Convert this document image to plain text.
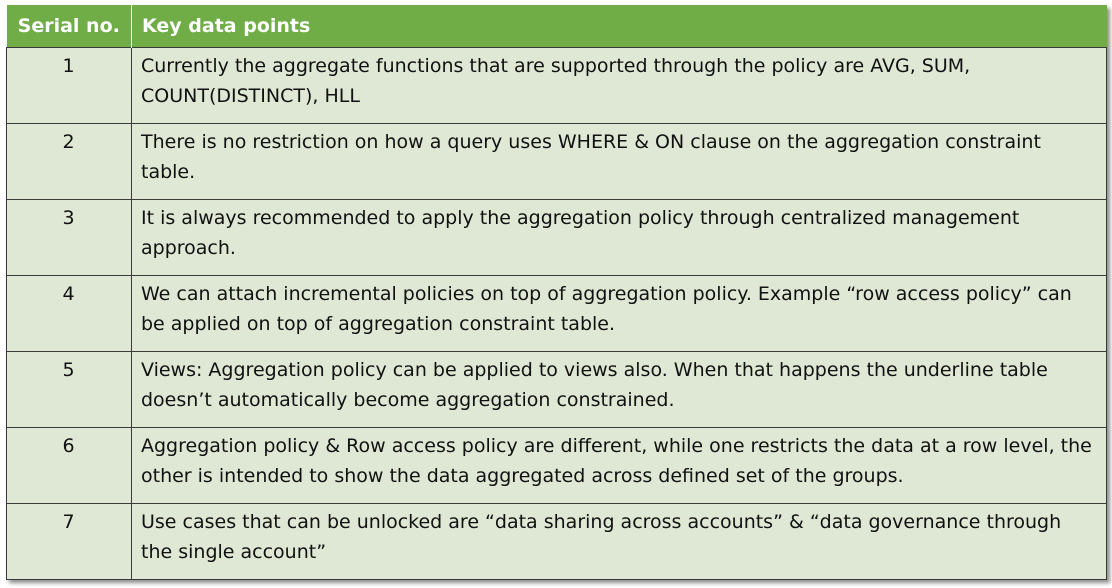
Serial no.	Key data points
1	Currently the aggregate functions that are supported through the policy are AVG, SUM, COUNT(DISTINCT), HLL
2	There is no restriction on how a query uses WHERE & ON clause on the aggregation constraint table.
3	It is always recommended to apply the aggregation policy through centralized management approach.
4	We can attach incremental policies on top of aggregation policy. Example “row access policy” can be applied on top of aggregation constraint table.
5	Views: Aggregation policy can be applied to views also. When that happens the underline table doesn’t automatically become aggregation constrained.
6	Aggregation policy & Row access policy are different, while one restricts the data at a row level, the other is intended to show the data aggregated across defined set of the groups.
7	Use cases that can be unlocked are “data sharing across accounts” & “data governance through the single account”
